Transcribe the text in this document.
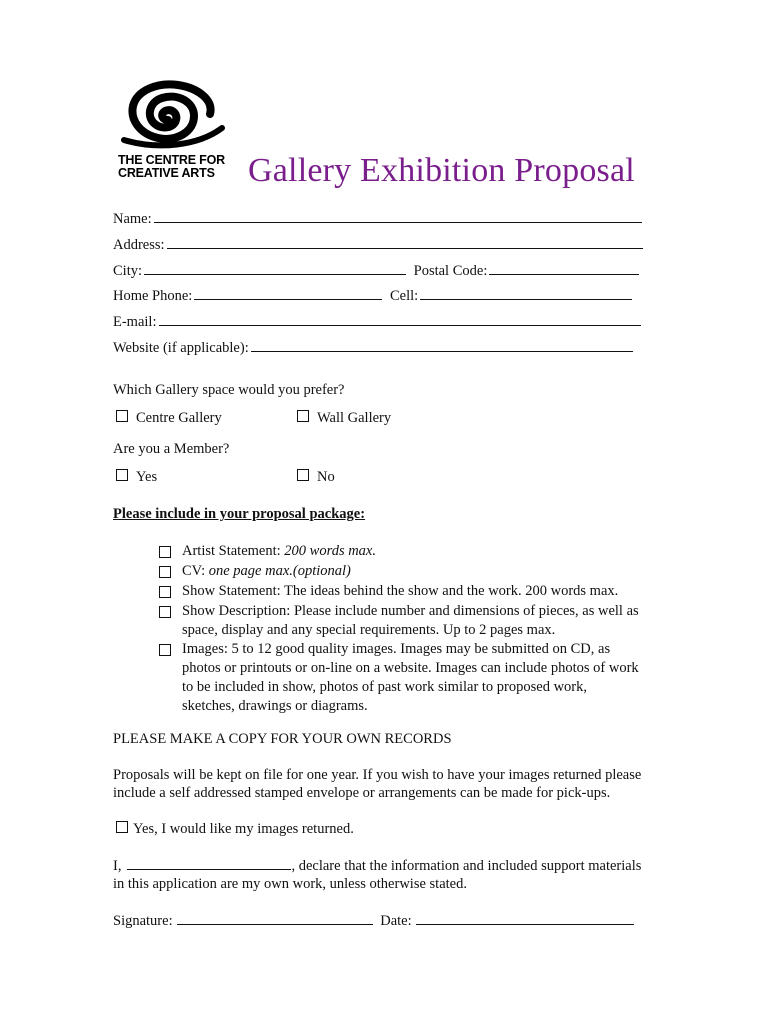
THE CENTRE FOR
CREATIVE ARTS Gallery Exhibition Proposal
Name:
Address:
City:	Postal Code:
Home Phone:	Cell:
E-mail:
Website (if applicable):
Which Gallery space would you prefer?
Centre Gallery	Wall Gallery
Are you a Member?
Yes	No
Please include in your proposal package:
Artist Statement: 200 words max.
CV: one page max.(optional)
Show Statement: The ideas behind the show and the work. 200 words max.
Show Description: Please include number and dimensions of pieces, as well as space, display and any special requirements. Up to 2 pages max.
Images: 5 to 12 good quality images. Images may be submitted on CD, as photos or printouts or on-line on a website. Images can include photos of work to be included in show, photos of past work similar to proposed work, sketches, drawings or diagrams.
PLEASE MAKE A COPY FOR YOUR OWN RECORDS
Proposals will be kept on file for one year. If you wish to have your images returned please include a self addressed stamped envelope or arrangements can be made for pick-ups.
Yes, I would like my images returned.
I,	, declare that the information and included support materials in this application are my own work, unless otherwise stated.
Signature:	Date:
